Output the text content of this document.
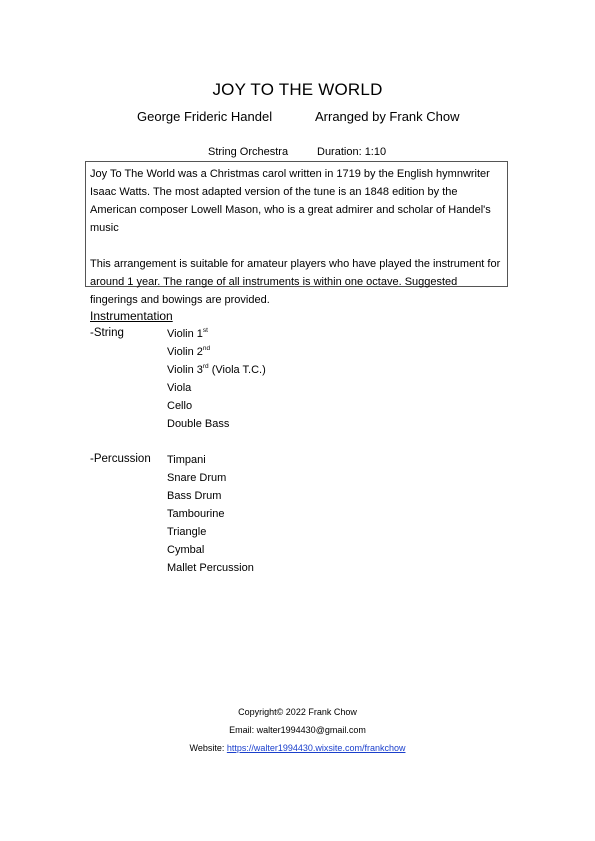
JOY TO THE WORLD
George Frideric Handel	Arranged by Frank Chow
String Orchestra	Duration: 1:10

Joy To The World was a Christmas carol written in 1719 by the English hymnwriter Isaac Watts. The most adapted version of the tune is an 1848 edition by the American composer Lowell Mason, who is a great admirer and scholar of Handel's music

This arrangement is suitable for amateur players who have played the instrument for around 1 year. The range of all instruments is within one octave. Suggested fingerings and bowings are provided.

Instrumentation
-String	Violin 1st
Violin 2nd
Violin 3rd (Viola T.C.)
Viola
Cello
Double Bass
-Percussion Timpani
Snare Drum
Bass Drum
Tambourine
Triangle
Cymbal
Mallet Percussion
Copyright© 2022 Frank Chow
Email: walter1994430@gmail.com
Website: https://walter1994430.wixsite.com/frankchow
